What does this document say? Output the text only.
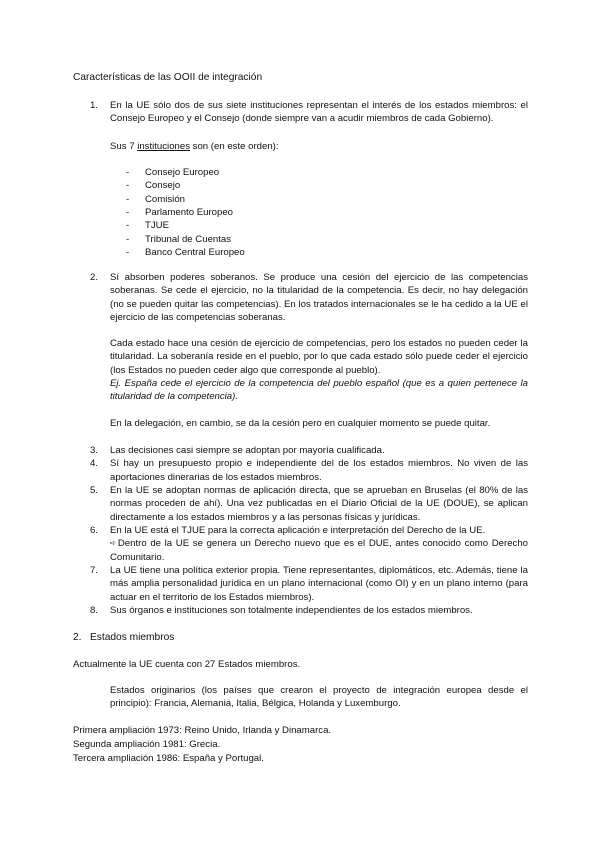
Características de las OOII de integración
1. En la UE sólo dos de sus siete instituciones representan el interés de los estados miembros: el Consejo Europeo y el Consejo (donde siempre van a acudir miembros de cada Gobierno).
Sus 7 instituciones son (en este orden):
- Consejo Europeo
- Consejo
- Comisión
- Parlamento Europeo
- TJUE
- Tribunal de Cuentas
- Banco Central Europeo
2. Sí absorben poderes soberanos. Se produce una cesión del ejercicio de las competencias soberanas. Se cede el ejercicio, no la titularidad de la competencia. Es decir, no hay delegación (no se pueden quitar las competencias). En los tratados internacionales se le ha cedido a la UE el ejercicio de las competencias soberanas.
Cada estado hace una cesión de ejercicio de competencias, pero los estados no pueden ceder la titularidad. La soberanía reside en el pueblo, por lo que cada estado sólo puede ceder el ejercicio (los Estados no pueden ceder algo que corresponde al pueblo).
Ej. España cede el ejercicio de la competencia del pueblo español (que es a quien pertenece la titularidad de la competencia).
En la delegación, en cambio, se da la cesión pero en cualquier momento se puede quitar.
3. Las decisiones casi siempre se adoptan por mayoría cualificada.
4. Sí hay un presupuesto propio e independiente del de los estados miembros. No viven de las aportaciones dinerarias de los estados miembros.
5. En la UE se adoptan normas de aplicación directa, que se aprueban en Bruselas (el 80% de las normas proceden de ahí). Una vez publicadas en el Diario Oficial de la UE (DOUE), se aplican directamente a los estados miembros y a las personas físicas y jurídicas.
6. En la UE está el TJUE para la correcta aplicación e interpretación del Derecho de la UE.
➪ Dentro de la UE se genera un Derecho nuevo que es el DUE, antes conocido como Derecho Comunitario.
7. La UE tiene una política exterior propia. Tiene representantes, diplomáticos, etc. Además, tiene la más amplia personalidad jurídica en un plano internacional (como OI) y en un plano interno (para actuar en el territorio de los Estados miembros).
8. Sus órganos e instituciones son totalmente independientes de los estados miembros.
2. Estados miembros
Actualmente la UE cuenta con 27 Estados miembros.
Estados originarios (los países que crearon el proyecto de integración europea desde el principio): Francia, Alemania, Italia, Bélgica, Holanda y Luxemburgo.
Primera ampliación 1973: Reino Unido, Irlanda y Dinamarca.
Segunda ampliación 1981: Grecia.
Tercera ampliación 1986: España y Portugal.
